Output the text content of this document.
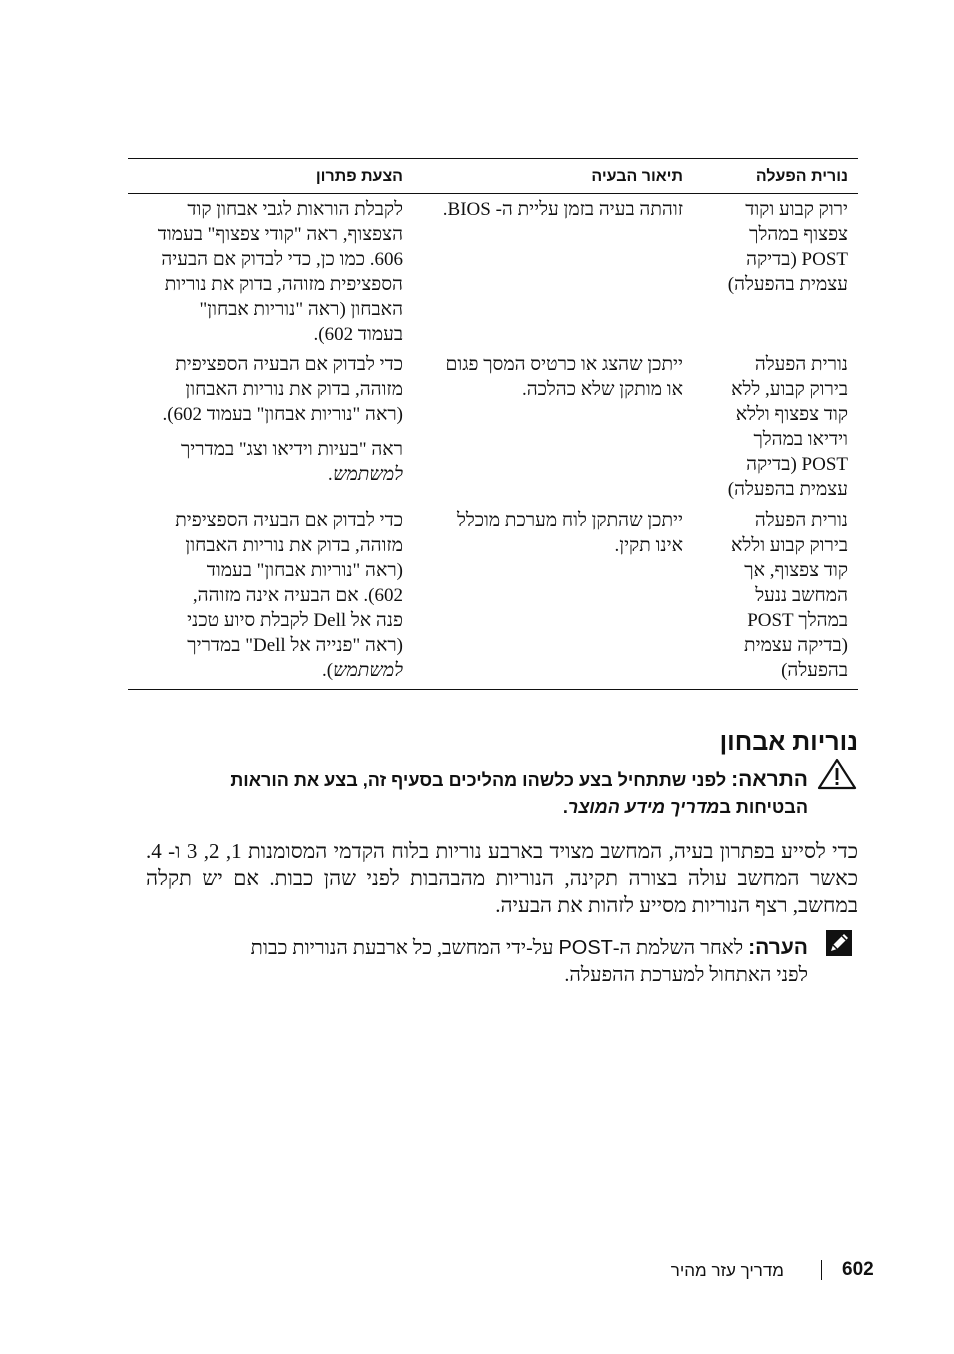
נורית הפעלה
תיאור הבעיה
הצעת פתרון
ירוק קבוע וקוד
צפצוף במהלך
POST (בדיקה
עצמית בהפעלה)
זוהתה בעיה בזמן עליית ה- BIOS.
לקבלת הוראות לגבי אבחון קוד
הצפצוף, ראה "קודי צפצוף" בעמוד
606. כמו כן, כדי לבדוק אם הבעיה
הספציפית מזוהה, בדוק את נוריות
האבחון (ראה "נוריות אבחון"
בעמוד 602).
נורית הפעלה
בירוק קבוע, ללא
קוד צפצוף וללא
וידיאו במהלך
POST (בדיקה
עצמית בהפעלה)
ייתכן שהצג או כרטיס המסך פגום
או מותקן שלא כהלכה.
כדי לבדוק אם הבעיה הספציפית
מזוהה, בדוק את נוריות האבחון
(ראה "נוריות אבחון" בעמוד 602).
ראה "בעיות וידיאו וצג" במדריך
למשתמש.
נורית הפעלה
בירוק קבוע וללא
קוד צפצוף, אך
המחשב ננעל
במהלך POST
(בדיקה עצמית
בהפעלה)
ייתכן שהתקן לוח מערכת מוכלל
אינו תקין.
כדי לבדוק אם הבעיה הספציפית
מזוהה, בדוק את נוריות האבחון
(ראה "נוריות אבחון" בעמוד
602). אם הבעיה אינה מזוהה,
פנה אל Dell לקבלת סיוע טכני
(ראה "פנייה אל Dell" במדריך
למשתמש).
נוריות אבחון
התראה: לפני שתתחיל בצע כלשהו מהליכים בסעיף זה, בצע את הוראות
הבטיחות במדריך מידע המוצר.
כדי לסייע בפתרון בעיה, המחשב מצויד בארבע נוריות בלוח הקדמי המסומנות 1, 2, 3 ו- 4. כאשר המחשב עולה בצורה תקינה, הנוריות מהבהבות לפני שהן כבות. אם יש תקלה במחשב, רצף הנוריות מסייע לזהות את הבעיה.
הערה: לאחר השלמת ה-POST על-ידי המחשב, כל ארבעת הנוריות כבות
לפני האתחול למערכת ההפעלה.
602
מדריך עזר מהיר
